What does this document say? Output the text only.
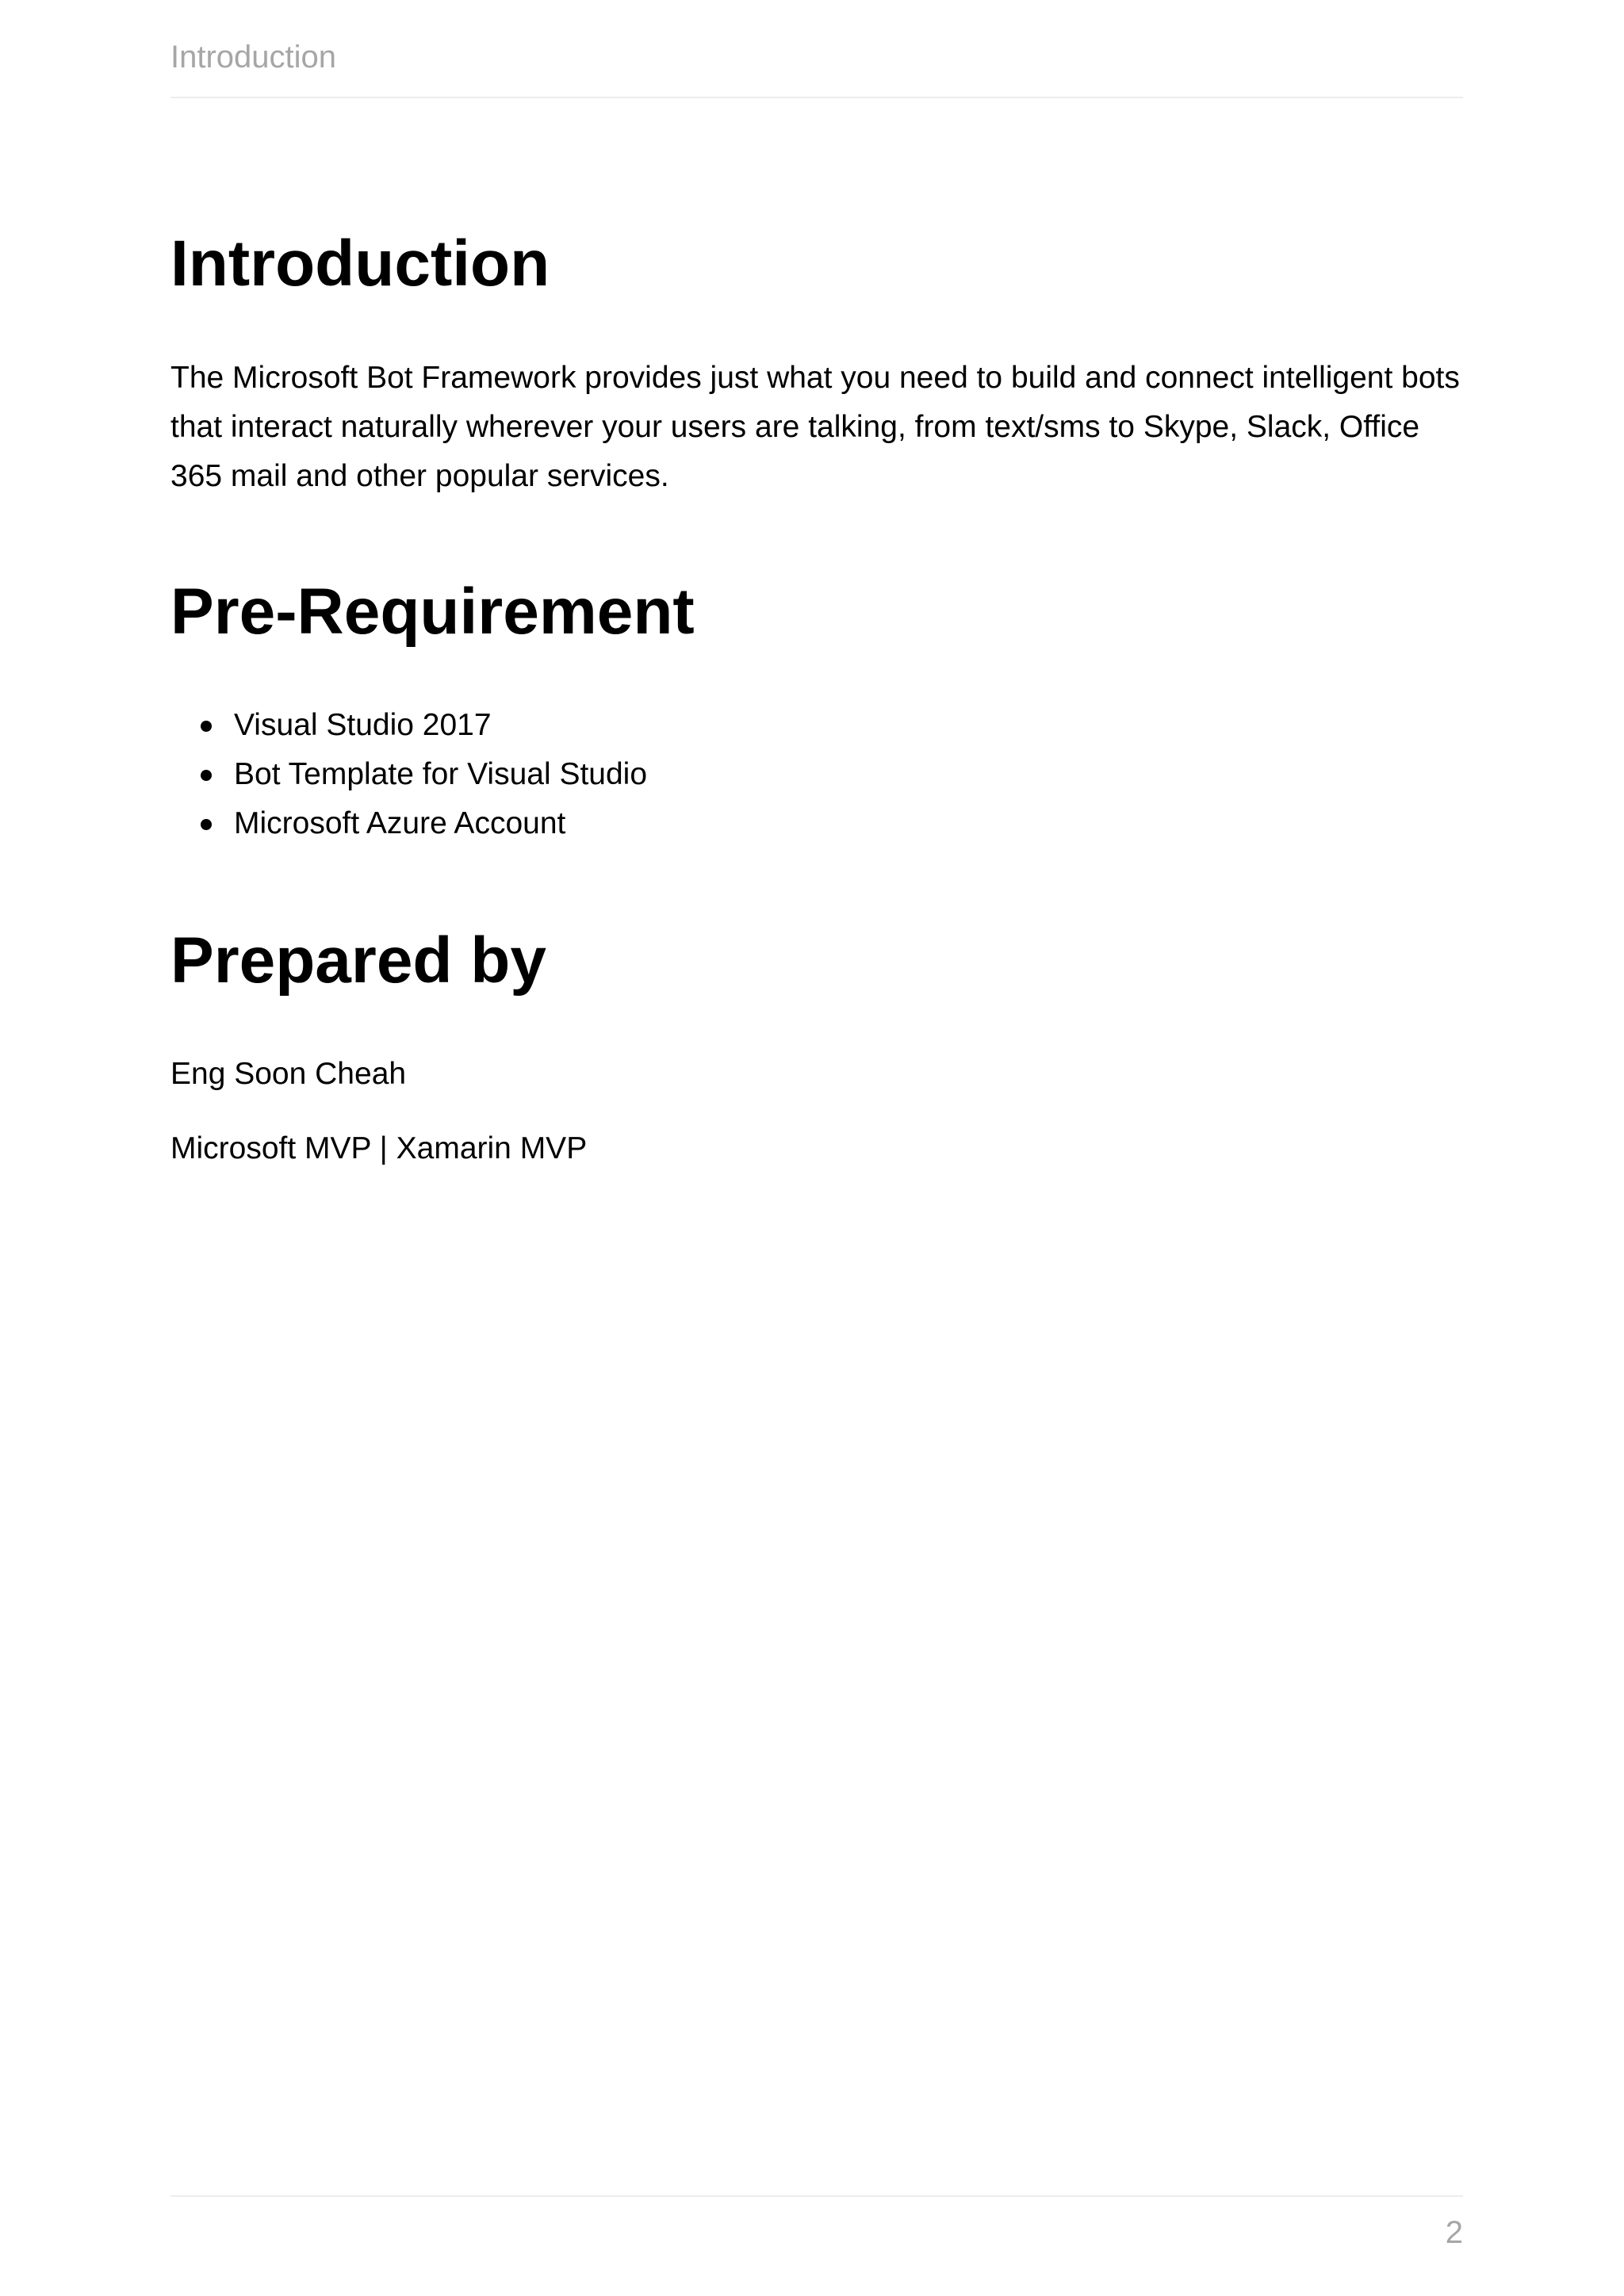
Introduction
Introduction

The Microsoft Bot Framework provides just what you need to build and connect intelligent bots that interact naturally wherever your users are talking, from text/sms to Skype, Slack, Office 365 mail and other popular services.

Pre-Requirement
Visual Studio 2017
Bot Template for Visual Studio
Microsoft Azure Account
Prepared by

Eng Soon Cheah

Microsoft MVP | Xamarin MVP

2
